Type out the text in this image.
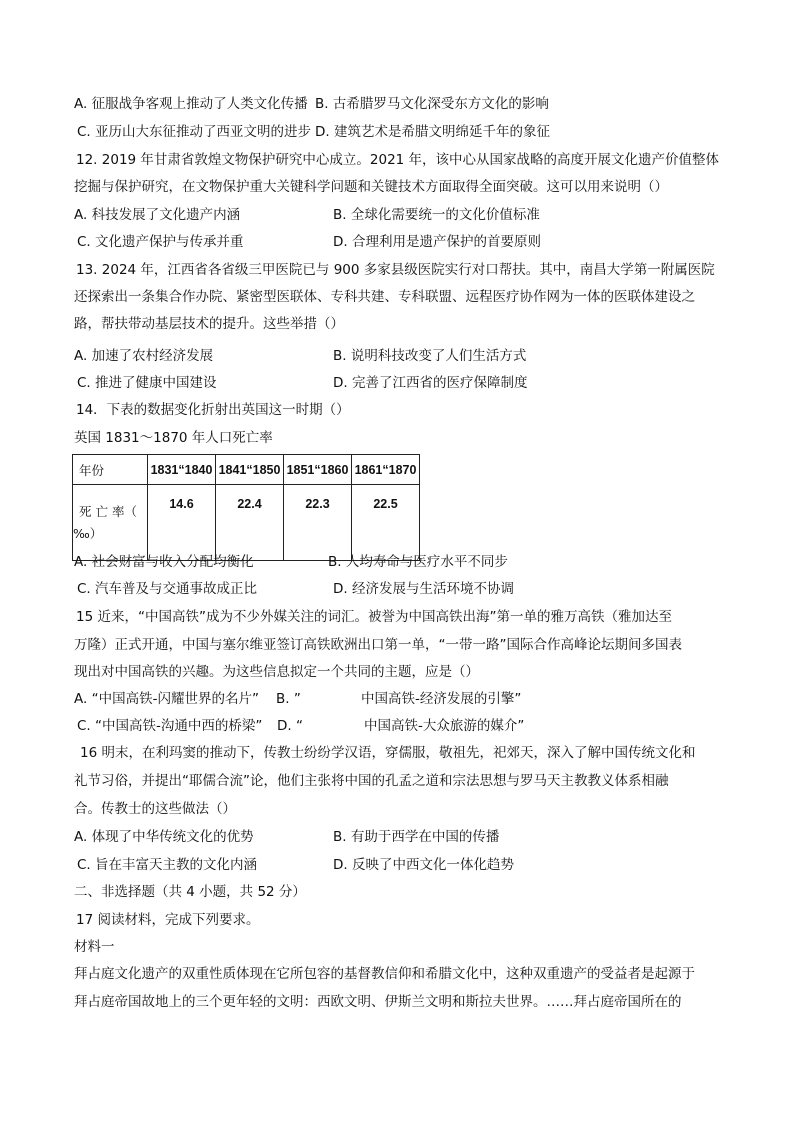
A. 征服战争客观上推动了人类文化传播 B. 古希腊罗马文化深受东方文化的影响
C. 亚历山大东征推动了西亚文明的进步 D. 建筑艺术是希腊文明绵延千年的象征
12. 2019 年甘肃省敦煌文物保护研究中心成立。2021 年，该中心从国家战略的高度开展文化遗产价值整体
挖掘与保护研究，在文物保护重大关键科学问题和关键技术方面取得全面突破。这可以用来说明（）
A. 科技发展了文化遗产内涵	B. 全球化需要统一的文化价值标准
C. 文化遗产保护与传承并重	D. 合理利用是遗产保护的首要原则
13. 2024 年，江西省各省级三甲医院已与 900 多家县级医院实行对口帮扶。其中，南昌大学第一附属医院
还探索出一条集合作办院、紧密型医联体、专科共建、专科联盟、远程医疗协作网为一体的医联体建设之
路，帮扶带动基层技术的提升。这些举措（）
A. 加速了农村经济发展	B. 说明科技改变了人们生活方式
C. 推进了健康中国建设	D. 完善了江西省的医疗保障制度
14．下表的数据变化折射出英国这一时期（）
英国 1831～1870 年人口死亡率
年份	1831“1840	1841“1850	1851“1860	1861“1870

死 亡 率（
‰）	14.6	22.4	22.3	22.5
A. 社会财富与收入分配均衡化	B. 人均寿命与医疗水平不同步
C. 汽车普及与交通事故成正比	D. 经济发展与生活环境不协调
15 近来，“中国高铁”成为不少外媒关注的词汇。被誉为中国高铁出海”第一单的雅万高铁（雅加达至
万隆）正式开通，中国与塞尔维亚签订高铁欧洲出口第一单，“一带一路”国际合作高峰论坛期间多国表
现出对中国高铁的兴趣。为这些信息拟定一个共同的主题，应是（）
A. “中国高铁-闪耀世界的名片” B. ”	中国高铁-经济发展的引擎”
C. “中国高铁-沟通中西的桥梁” D. “	中国高铁-大众旅游的媒介”
16 明末，在利玛窦的推动下，传教士纷纷学汉语，穿儒服，敬祖先，祀郊天，深入了解中国传统文化和
礼节习俗，并提出“耶儒合流”论，他们主张将中国的孔孟之道和宗法思想与罗马天主教教义体系相融
合。传教士的这些做法（）
A. 体现了中华传统文化的优势	B. 有助于西学在中国的传播
C. 旨在丰富天主教的文化内涵	D. 反映了中西文化一体化趋势
二、非选择题（共 4 小题，共 52 分）
17 阅读材料，完成下列要求。
材料一
拜占庭文化遗产的双重性质体现在它所包容的基督教信仰和希腊文化中，这种双重遗产的受益者是起源于
拜占庭帝国故地上的三个更年轻的文明：西欧文明、伊斯兰文明和斯拉夫世界。……拜占庭帝国所在的
